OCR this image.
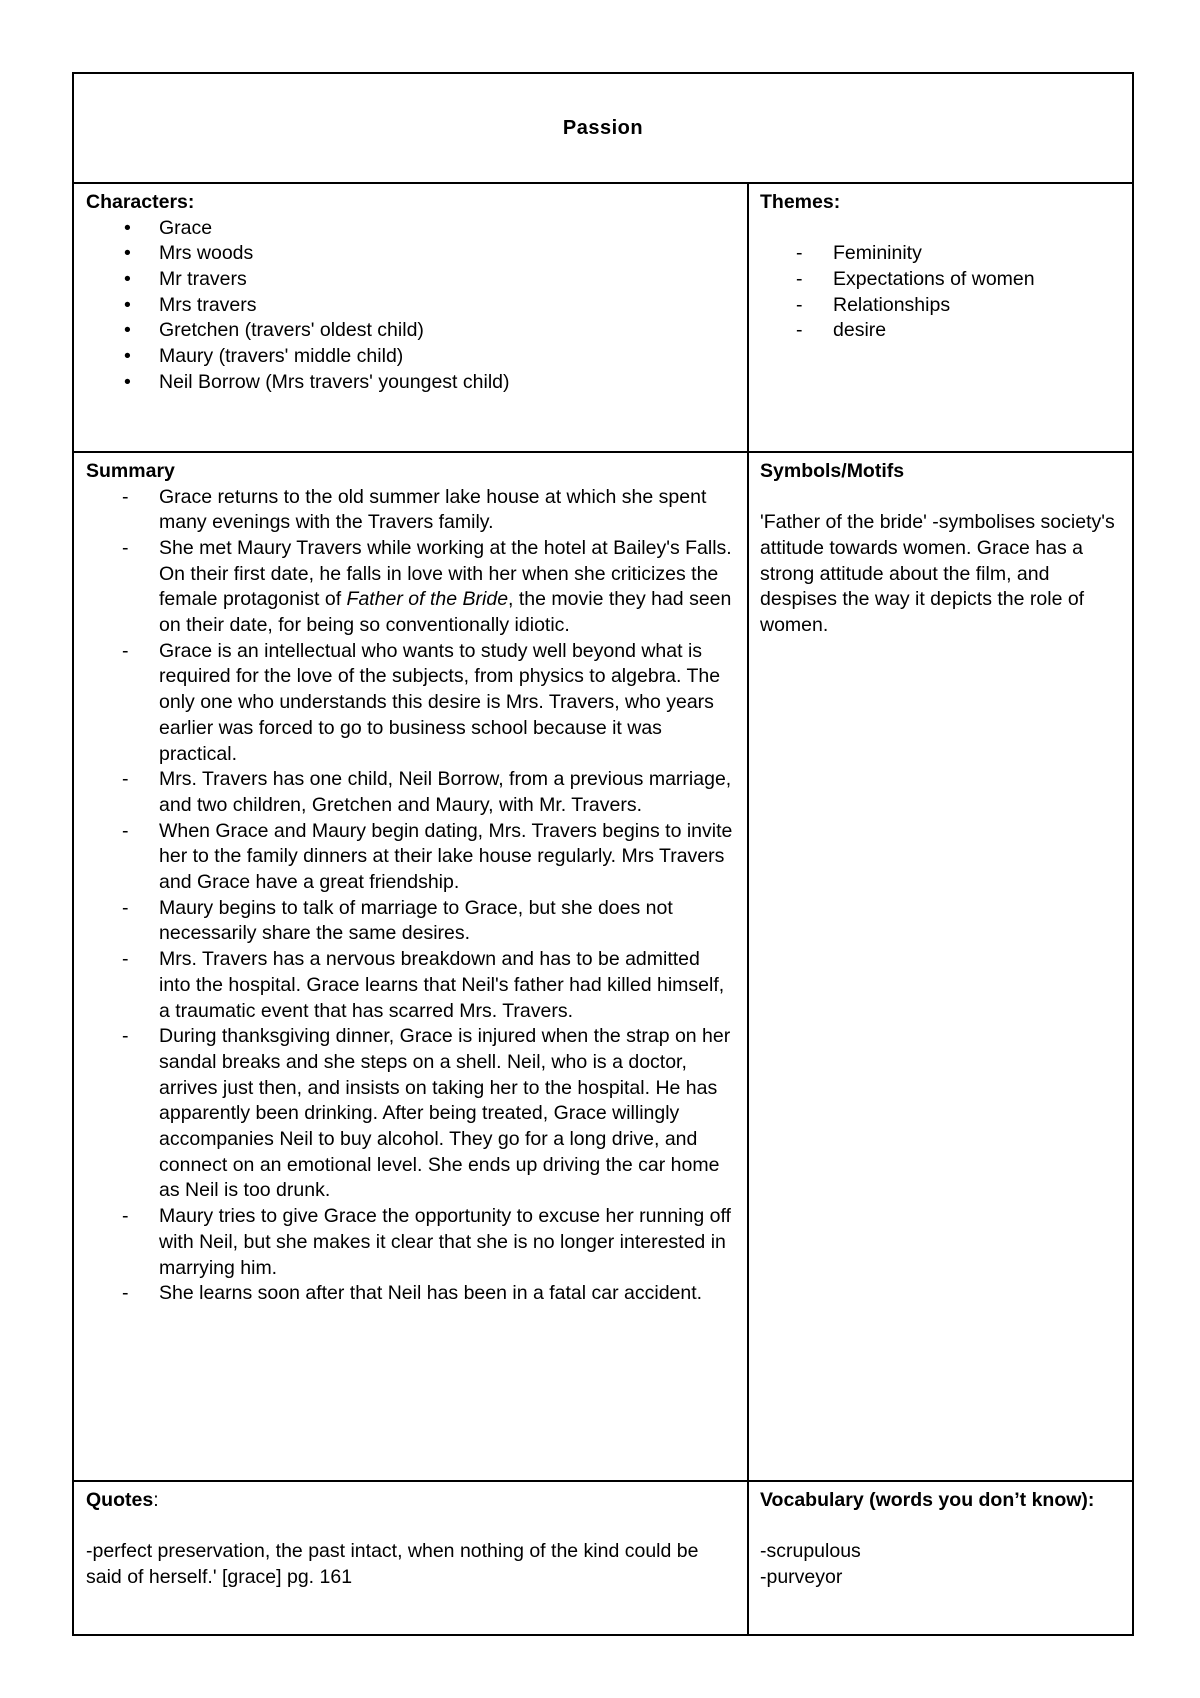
Passion
Characters:
• Grace
• Mrs woods
• Mr travers
• Mrs travers
• Gretchen (travers' oldest child)
• Maury (travers' middle child)
• Neil Borrow (Mrs travers' youngest child)
Themes:
- Femininity
- Expectations of women
- Relationships
- desire
Summary
- Grace returns to the old summer lake house at which she spent many evenings with the Travers family.
- She met Maury Travers while working at the hotel at Bailey's Falls. On their first date, he falls in love with her when she criticizes the female protagonist of Father of the Bride, the movie they had seen on their date, for being so conventionally idiotic.
- Grace is an intellectual who wants to study well beyond what is required for the love of the subjects, from physics to algebra. The only one who understands this desire is Mrs. Travers, who years earlier was forced to go to business school because it was practical.
- Mrs. Travers has one child, Neil Borrow, from a previous marriage, and two children, Gretchen and Maury, with Mr. Travers.
- When Grace and Maury begin dating, Mrs. Travers begins to invite her to the family dinners at their lake house regularly. Mrs Travers and Grace have a great friendship.
- Maury begins to talk of marriage to Grace, but she does not necessarily share the same desires.
- Mrs. Travers has a nervous breakdown and has to be admitted into the hospital. Grace learns that Neil's father had killed himself, a traumatic event that has scarred Mrs. Travers.
- During thanksgiving dinner, Grace is injured when the strap on her sandal breaks and she steps on a shell. Neil, who is a doctor, arrives just then, and insists on taking her to the hospital. He has apparently been drinking. After being treated, Grace willingly accompanies Neil to buy alcohol. They go for a long drive, and connect on an emotional level. She ends up driving the car home as Neil is too drunk.
- Maury tries to give Grace the opportunity to excuse her running off with Neil, but she makes it clear that she is no longer interested in marrying him.
- She learns soon after that Neil has been in a fatal car accident.
Symbols/Motifs
'Father of the bride' -symbolises society's attitude towards women. Grace has a strong attitude about the film, and despises the way it depicts the role of women.
Quotes:
-perfect preservation, the past intact, when nothing of the kind could be said of herself.' [grace] pg. 161
Vocabulary (words you don’t know):
-scrupulous
-purveyor
